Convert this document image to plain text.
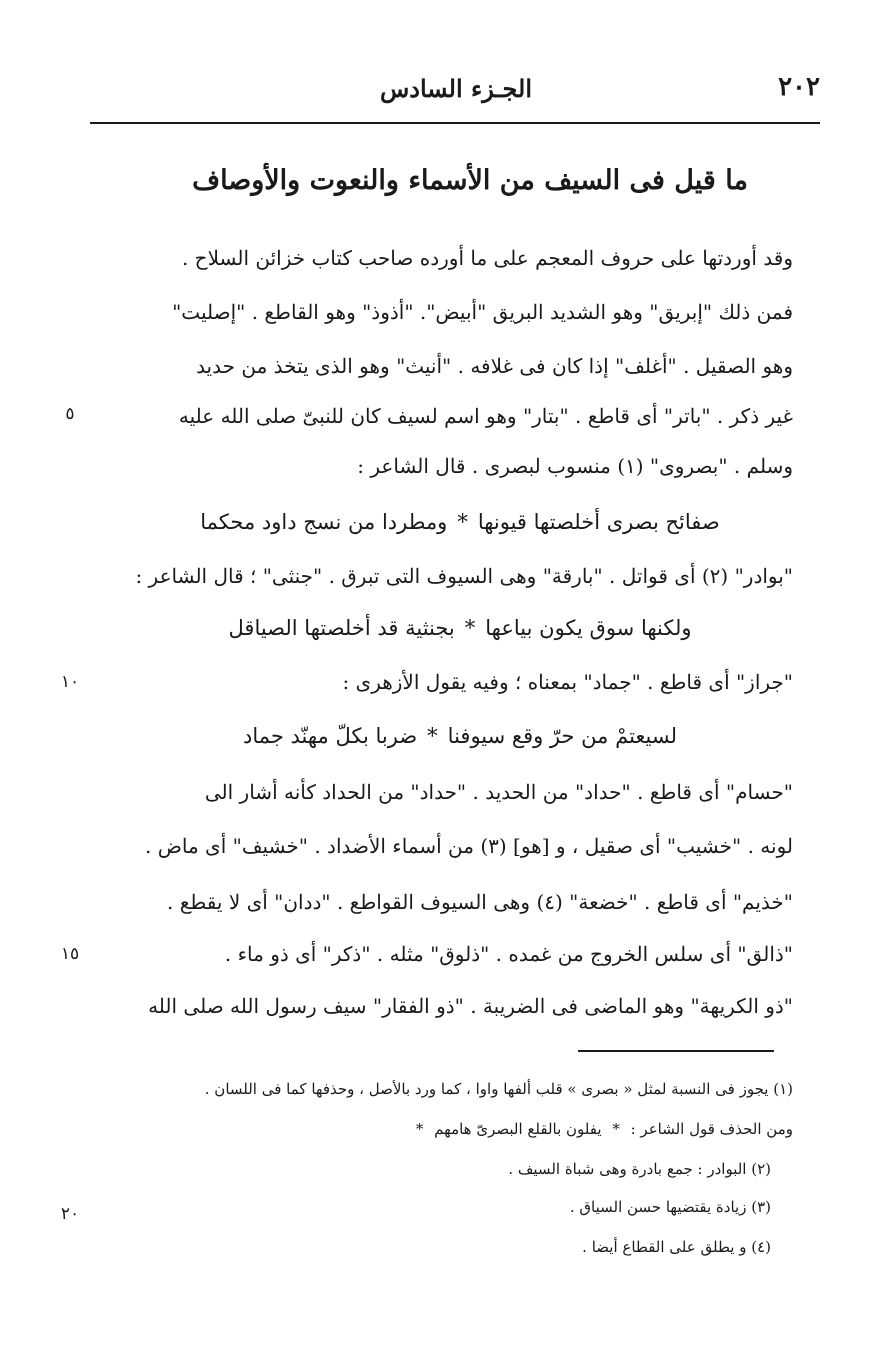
٢٠٢
الجـزء السادس
ما قيل فى السيف من الأسماء والنعوت والأوصاف
وقد أوردتها على حروف المعجم على ما أورده صاحب كتاب خزائن السلاح .
فمن ذلك "إبريق" وهو الشديد البريق "أبيض". "أذوذ" وهو القاطع . "إصليت"
وهو الصقيل . "أغلف" إذا كان فى غلافه . "أنيث" وهو الذى يتخذ من حديد
غير ذكر . "باتر" أى قاطع . "بتار" وهو اسم لسيف كان للنبىّ صلى الله عليه
وسلم . "بصروى" (١) منسوب لبصرى . قال الشاعر :
صفائح بصرى أخلصتها قيونها*ومطردا من نسج داود محكما
"بوادر" (٢) أى قواتل . "بارقة" وهى السيوف التى تبرق . "جنثى" ؛ قال الشاعر :
ولكنها سوق يكون بياعها*بجنثية قد أخلصتها الصياقل
"جراز" أى قاطع . "جماد" بمعناه ؛ وفيه يقول الأزهرى :
لسيعتمْ من حرّ وقع سيوفنا*ضربا بكلّ مهنّد جماد
"حسام" أى قاطع . "حداد" من الحديد . "حداد" من الحداد كأنه أشار الى
لونه . "خشيب" أى صقيل ، و [هو] (٣) من أسماء الأضداد . "خشيف" أى ماض .
"خذيم" أى قاطع . "خضعة" (٤) وهى السيوف القواطع . "ددان" أى لا يقطع .
"ذالق" أى سلس الخروج من غمده . "ذلوق" مثله . "ذكر" أى ذو ماء .
"ذو الكريهة" وهو الماضى فى الضريبة . "ذو الفقار" سيف رسول الله صلى الله
٥
١٠
١٥
٢٠
(١) يجوز فى النسبة لمثل « بصرى » قلب ألفها واوا ، كما ورد بالأصل ، وحذفها كما فى اللسان .
ومن الحذف قول الشاعر : * يفلون بالقلع البصرىّ هامهم *
(٢) البوادر : جمع بادرة وهى شباة السيف .
(٣) زيادة يقتضيها حسن السياق .
(٤) و يطلق على القطاع أيضا .
